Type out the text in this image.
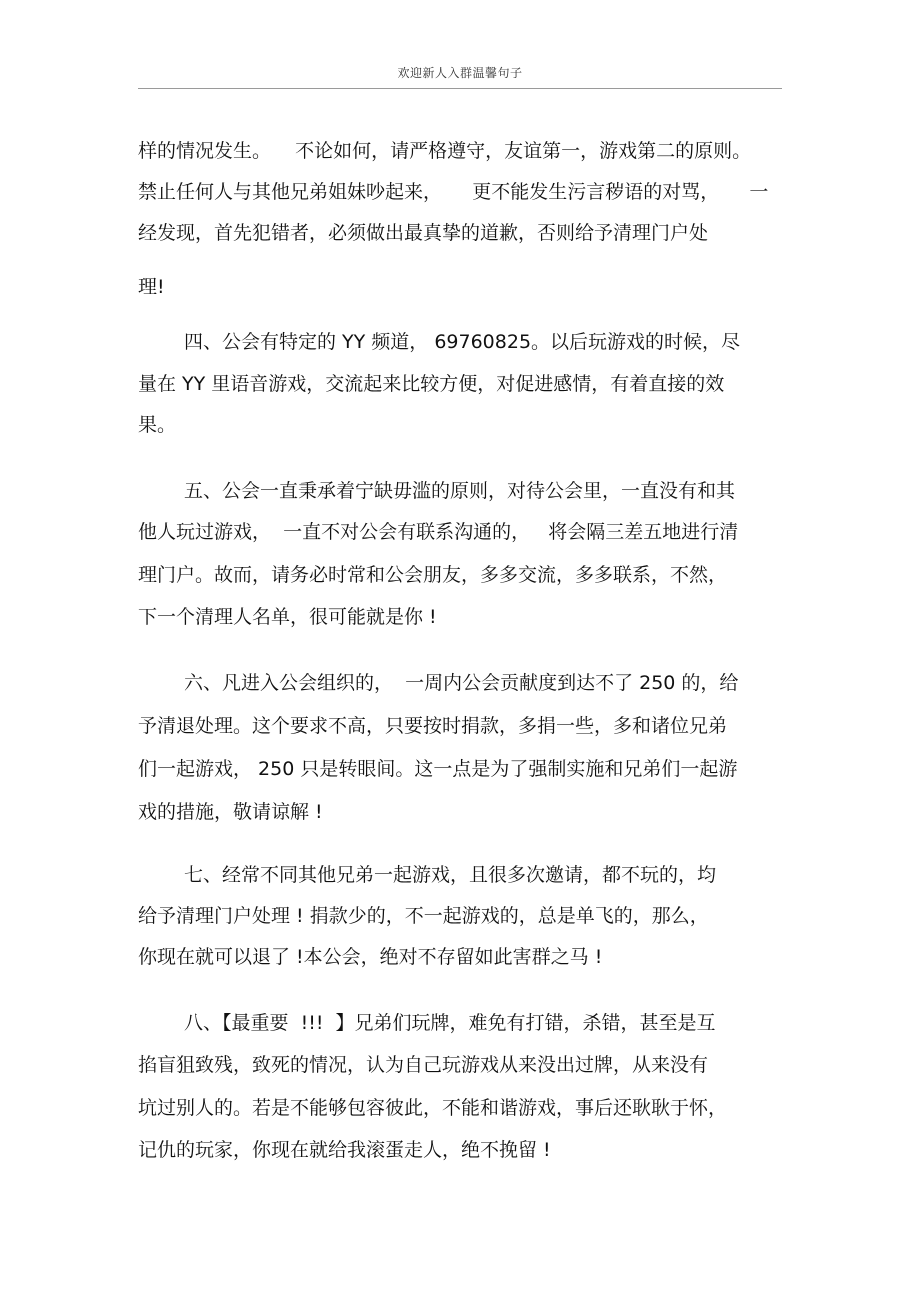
欢迎新人入群温馨句子
样的情况发生。    不论如何，请严格遵守，友谊第一，游戏第二的原则。
禁止任何人与其他兄弟姐妹吵起来，     更不能发生污言秽语的对骂，     一
经发现，首先犯错者，必须做出最真挚的道歉，否则给予清理门户处
理!
四、公会有特定的 YY 频道， 69760825。以后玩游戏的时候，尽
量在 YY 里语音游戏，交流起来比较方便，对促进感情，有着直接的效
果。
五、公会一直秉承着宁缺毋滥的原则，对待公会里，一直没有和其
他人玩过游戏，  一直不对公会有联系沟通的，   将会隔三差五地进行清
理门户。故而，请务必时常和公会朋友，多多交流，多多联系，不然，
下一个清理人名单，很可能就是你 !
六、凡进入公会组织的，  一周内公会贡献度到达不了 250 的，给
予清退处理。这个要求不高，只要按时捐款，多捐一些，多和诸位兄弟
们一起游戏， 250 只是转眼间。这一点是为了强制实施和兄弟们一起游
戏的措施，敬请谅解 !
七、经常不同其他兄弟一起游戏，且很多次邀请，都不玩的，均
给予清理门户处理 ! 捐款少的，不一起游戏的，总是单飞的，那么，
你现在就可以退了 !本公会，绝对不存留如此害群之马 !
八、【最重要  !!!  】兄弟们玩牌，难免有打错，杀错，甚至是互
掐盲狙致残，致死的情况，认为自己玩游戏从来没出过牌，从来没有
坑过别人的。若是不能够包容彼此，不能和谐游戏，事后还耿耿于怀，
记仇的玩家，你现在就给我滚蛋走人，绝不挽留 !
